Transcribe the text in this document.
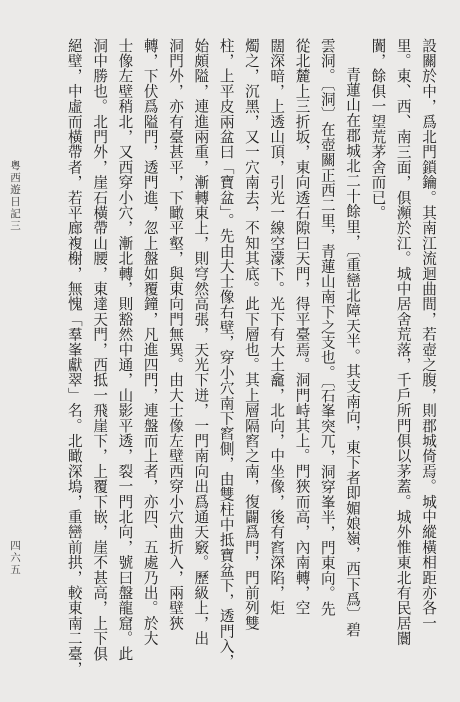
粵西遊日記三
四六五	設關於中，爲北門鎖鑰。其南江流迴曲間，若壺之腹，則郡城倚焉。城中縱橫相距亦各一
里。東、西、南三面，俱瀕於江。城中居舍荒落，千戶所門俱以茅蓋。城外惟東北有民居闤
闠，餘俱一望荒茅舍而已。
青蓮山在郡城北二十餘里，〔重巒北障天半。其支南向，東下者即媚娘嶺，西下爲〕碧
雲洞。〔洞〕在壺關正西二里，青蓮山南下之支也。〔石峯突兀，洞穿峯半，門東向。先
從北麓上三折坂，東向透石隙曰天門，得平臺焉。洞門峙其上。門狹而高，內南轉，空
闊深暗，上透山頂，引光一線空濛下。光下有大土龕，北向，中坐像，後有窞深陷，炬
燭之，沉黑，又一穴南去，不知其底。此下層也。其上層隔窞之南，復闢爲門，門前列雙
柱，上平皮兩盆曰「寶盆」。先由大士像右壁，穿小穴南下窞側，由雙柱中抵寶盆下，透門入，
始頗隘，連進兩重，漸轉東上，則穹然高張，天光下迸，一門南向出爲通天竅。歷級上，出
洞門外，亦有臺甚平，下瞰平壑，與東向門無異。由大士像左壁西穿小穴曲折入，兩壁狹
轉，下伏爲隘門，透門進，忽上盤如覆鐘，凡進四門，連盤而上者，亦四、五處乃出。於大
士像左壁稍北，又西穿小穴，漸北轉，則豁然中通，山影平透，裂一門北向，號曰盤龍窟。此
洞中勝也。北門外，崖石橫帶山腰，東達天門，西抵一飛崖下，上覆下嵌，崖不甚高，上下俱
絕壁，中虛而橫帶者，若平廊複榭，無愧「羣峯獻翠」名。北瞰深塢，重巒前拱，較東南二臺，
